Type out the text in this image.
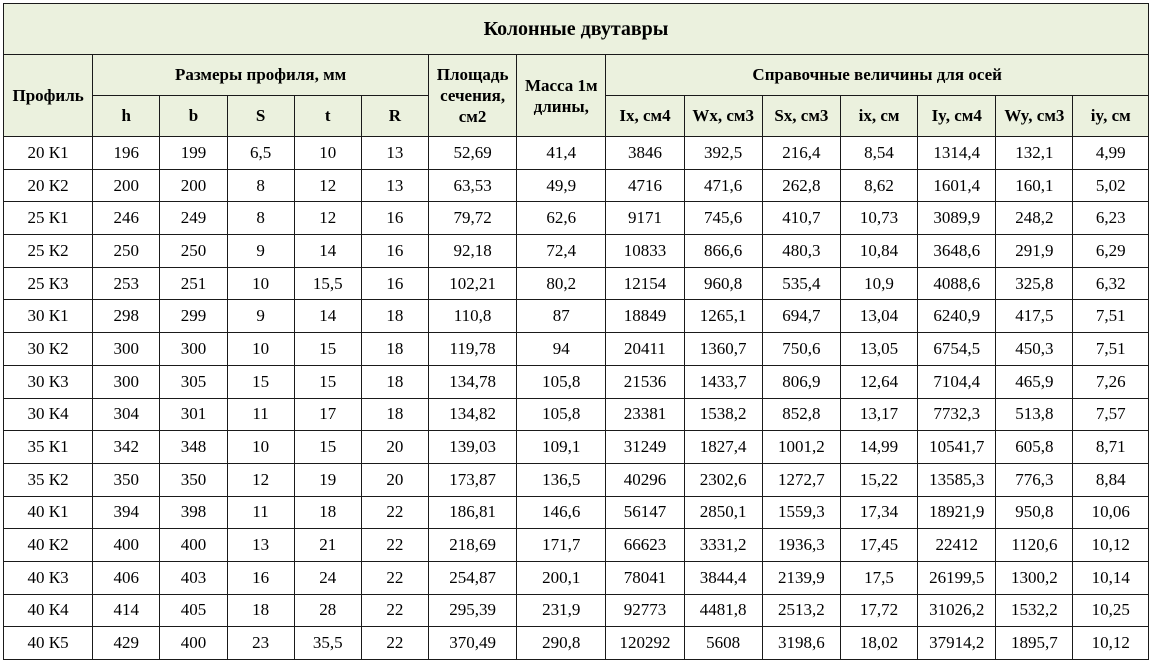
Колонные двутавры														
Профиль	Размеры профиля, мм					Площадь сечения, см2	Масса 1м длины,	Справочные величины для осей						
	h	b	S	t	R			Ix, см4	Wx, см3	Sx, см3	ix, см	Iy, см4	Wy, см3	iy, см
20 К1	196	199	6,5	10	13	52,69	41,4	3846	392,5	216,4	8,54	1314,4	132,1	4,99
20 К2	200	200	8	12	13	63,53	49,9	4716	471,6	262,8	8,62	1601,4	160,1	5,02
25 К1	246	249	8	12	16	79,72	62,6	9171	745,6	410,7	10,73	3089,9	248,2	6,23
25 К2	250	250	9	14	16	92,18	72,4	10833	866,6	480,3	10,84	3648,6	291,9	6,29
25 К3	253	251	10	15,5	16	102,21	80,2	12154	960,8	535,4	10,9	4088,6	325,8	6,32
30 К1	298	299	9	14	18	110,8	87	18849	1265,1	694,7	13,04	6240,9	417,5	7,51
30 К2	300	300	10	15	18	119,78	94	20411	1360,7	750,6	13,05	6754,5	450,3	7,51
30 К3	300	305	15	15	18	134,78	105,8	21536	1433,7	806,9	12,64	7104,4	465,9	7,26
30 К4	304	301	11	17	18	134,82	105,8	23381	1538,2	852,8	13,17	7732,3	513,8	7,57
35 К1	342	348	10	15	20	139,03	109,1	31249	1827,4	1001,2	14,99	10541,7	605,8	8,71
35 К2	350	350	12	19	20	173,87	136,5	40296	2302,6	1272,7	15,22	13585,3	776,3	8,84
40 К1	394	398	11	18	22	186,81	146,6	56147	2850,1	1559,3	17,34	18921,9	950,8	10,06
40 К2	400	400	13	21	22	218,69	171,7	66623	3331,2	1936,3	17,45	22412	1120,6	10,12
40 К3	406	403	16	24	22	254,87	200,1	78041	3844,4	2139,9	17,5	26199,5	1300,2	10,14
40 К4	414	405	18	28	22	295,39	231,9	92773	4481,8	2513,2	17,72	31026,2	1532,2	10,25
40 К5	429	400	23	35,5	22	370,49	290,8	120292	5608	3198,6	18,02	37914,2	1895,7	10,12
